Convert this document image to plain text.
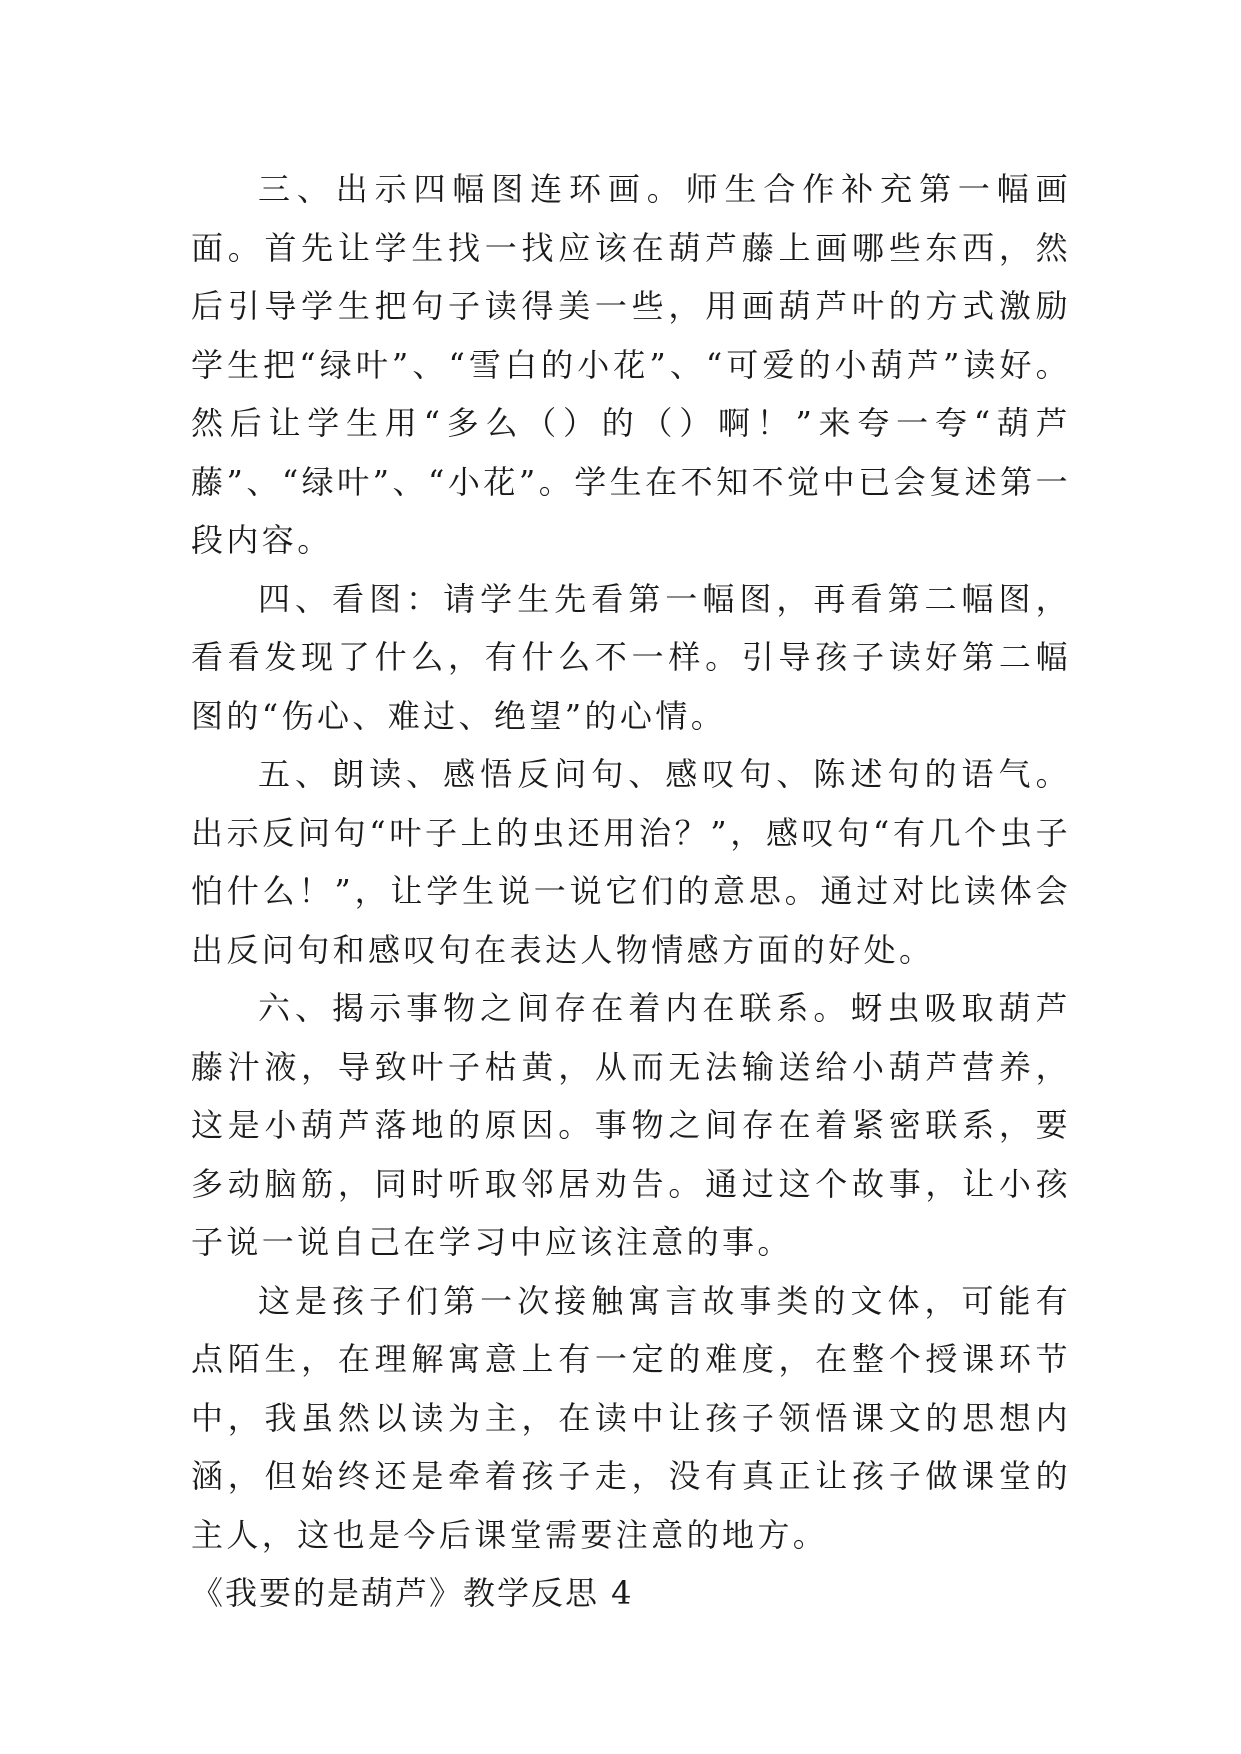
三、出示四幅图连环画。师生合作补充第一幅画面。首先让学生找一找应该在葫芦藤上画哪些东西，然后引导学生把句子读得美一些，用画葫芦叶的方式激励学生把“绿叶”、“雪白的小花”、“可爱的小葫芦”读好。然后让学生用“多么（）的（）啊！”来夸一夸“葫芦藤”、“绿叶”、“小花”。学生在不知不觉中已会复述第一段内容。

四、看图：请学生先看第一幅图，再看第二幅图，看看发现了什么，有什么不一样。引导孩子读好第二幅图的“伤心、难过、绝望”的心情。

五、朗读、感悟反问句、感叹句、陈述句的语气。出示反问句“叶子上的虫还用治？”，感叹句“有几个虫子怕什么！”，让学生说一说它们的意思。通过对比读体会出反问句和感叹句在表达人物情感方面的好处。

六、揭示事物之间存在着内在联系。蚜虫吸取葫芦藤汁液，导致叶子枯黄，从而无法输送给小葫芦营养，这是小葫芦落地的原因。事物之间存在着紧密联系，要多动脑筋，同时听取邻居劝告。通过这个故事，让小孩子说一说自己在学习中应该注意的事。

这是孩子们第一次接触寓言故事类的文体，可能有点陌生，在理解寓意上有一定的难度，在整个授课环节中，我虽然以读为主，在读中让孩子领悟课文的思想内涵，但始终还是牵着孩子走，没有真正让孩子做课堂的主人，这也是今后课堂需要注意的地方。

《我要的是葫芦》教学反思 4
